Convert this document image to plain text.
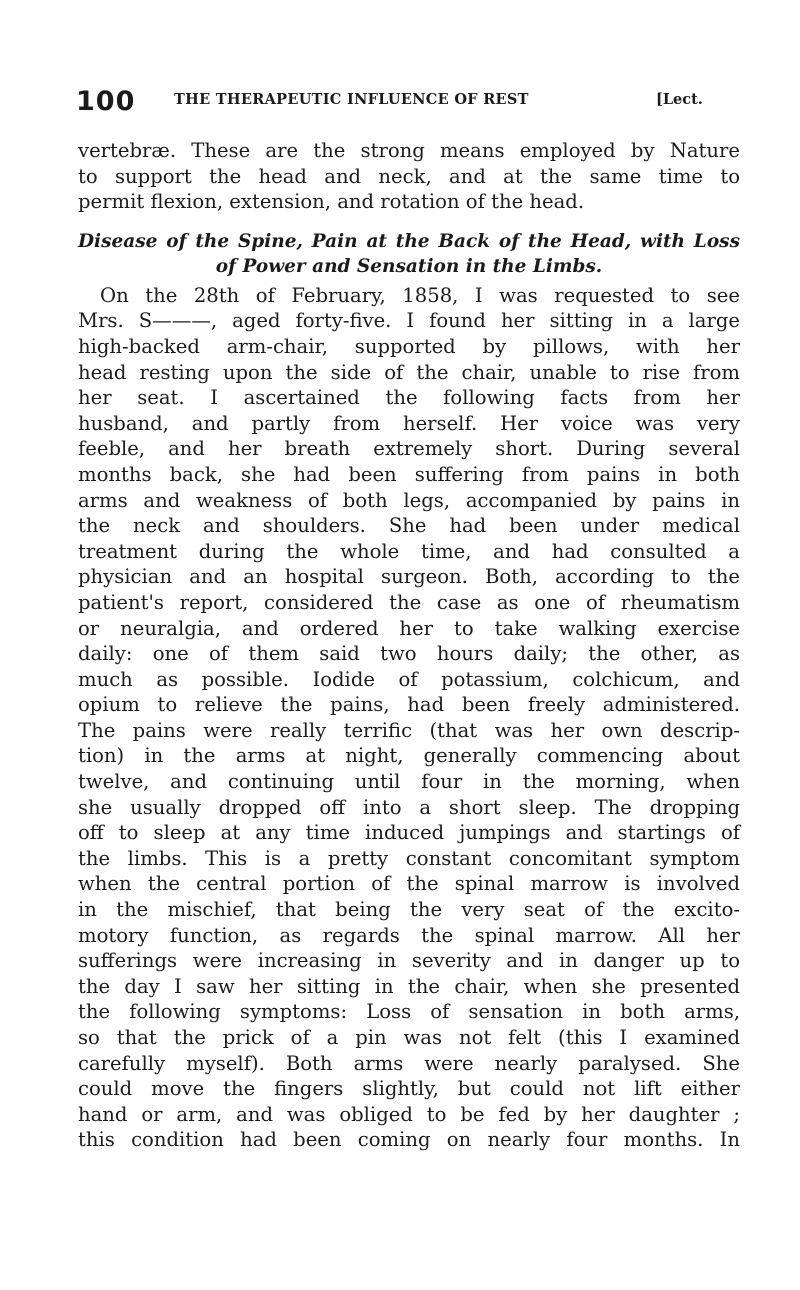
100	THE THERAPEUTIC INFLUENCE OF REST	[Lect.
vertebræ. These are the strong means employed by Nature
to support the head and neck, and at the same time to
permit flexion, extension, and rotation of the head.
Disease of the Spine, Pain at the Back of the Head, with Loss
of Power and Sensation in the Limbs.
On the 28th of February, 1858, I was requested to see
Mrs. S———, aged forty-five. I found her sitting in a large
high-backed arm-chair, supported by pillows, with her
head resting upon the side of the chair, unable to rise from
her seat. I ascertained the following facts from her
husband, and partly from herself. Her voice was very
feeble, and her breath extremely short. During several
months back, she had been suffering from pains in both
arms and weakness of both legs, accompanied by pains in
the neck and shoulders. She had been under medical
treatment during the whole time, and had consulted a
physician and an hospital surgeon. Both, according to the
patient's report, considered the case as one of rheumatism
or neuralgia, and ordered her to take walking exercise
daily: one of them said two hours daily; the other, as
much as possible. Iodide of potassium, colchicum, and
opium to relieve the pains, had been freely administered.
The pains were really terrific (that was her own descrip-
tion) in the arms at night, generally commencing about
twelve, and continuing until four in the morning, when
she usually dropped off into a short sleep. The dropping
off to sleep at any time induced jumpings and startings of
the limbs. This is a pretty constant concomitant symptom
when the central portion of the spinal marrow is involved
in the mischief, that being the very seat of the excito-
motory function, as regards the spinal marrow. All her
sufferings were increasing in severity and in danger up to
the day I saw her sitting in the chair, when she presented
the following symptoms: Loss of sensation in both arms,
so that the prick of a pin was not felt (this I examined
carefully myself). Both arms were nearly paralysed. She
could move the fingers slightly, but could not lift either
hand or arm, and was obliged to be fed by her daughter ;
this condition had been coming on nearly four months. In
